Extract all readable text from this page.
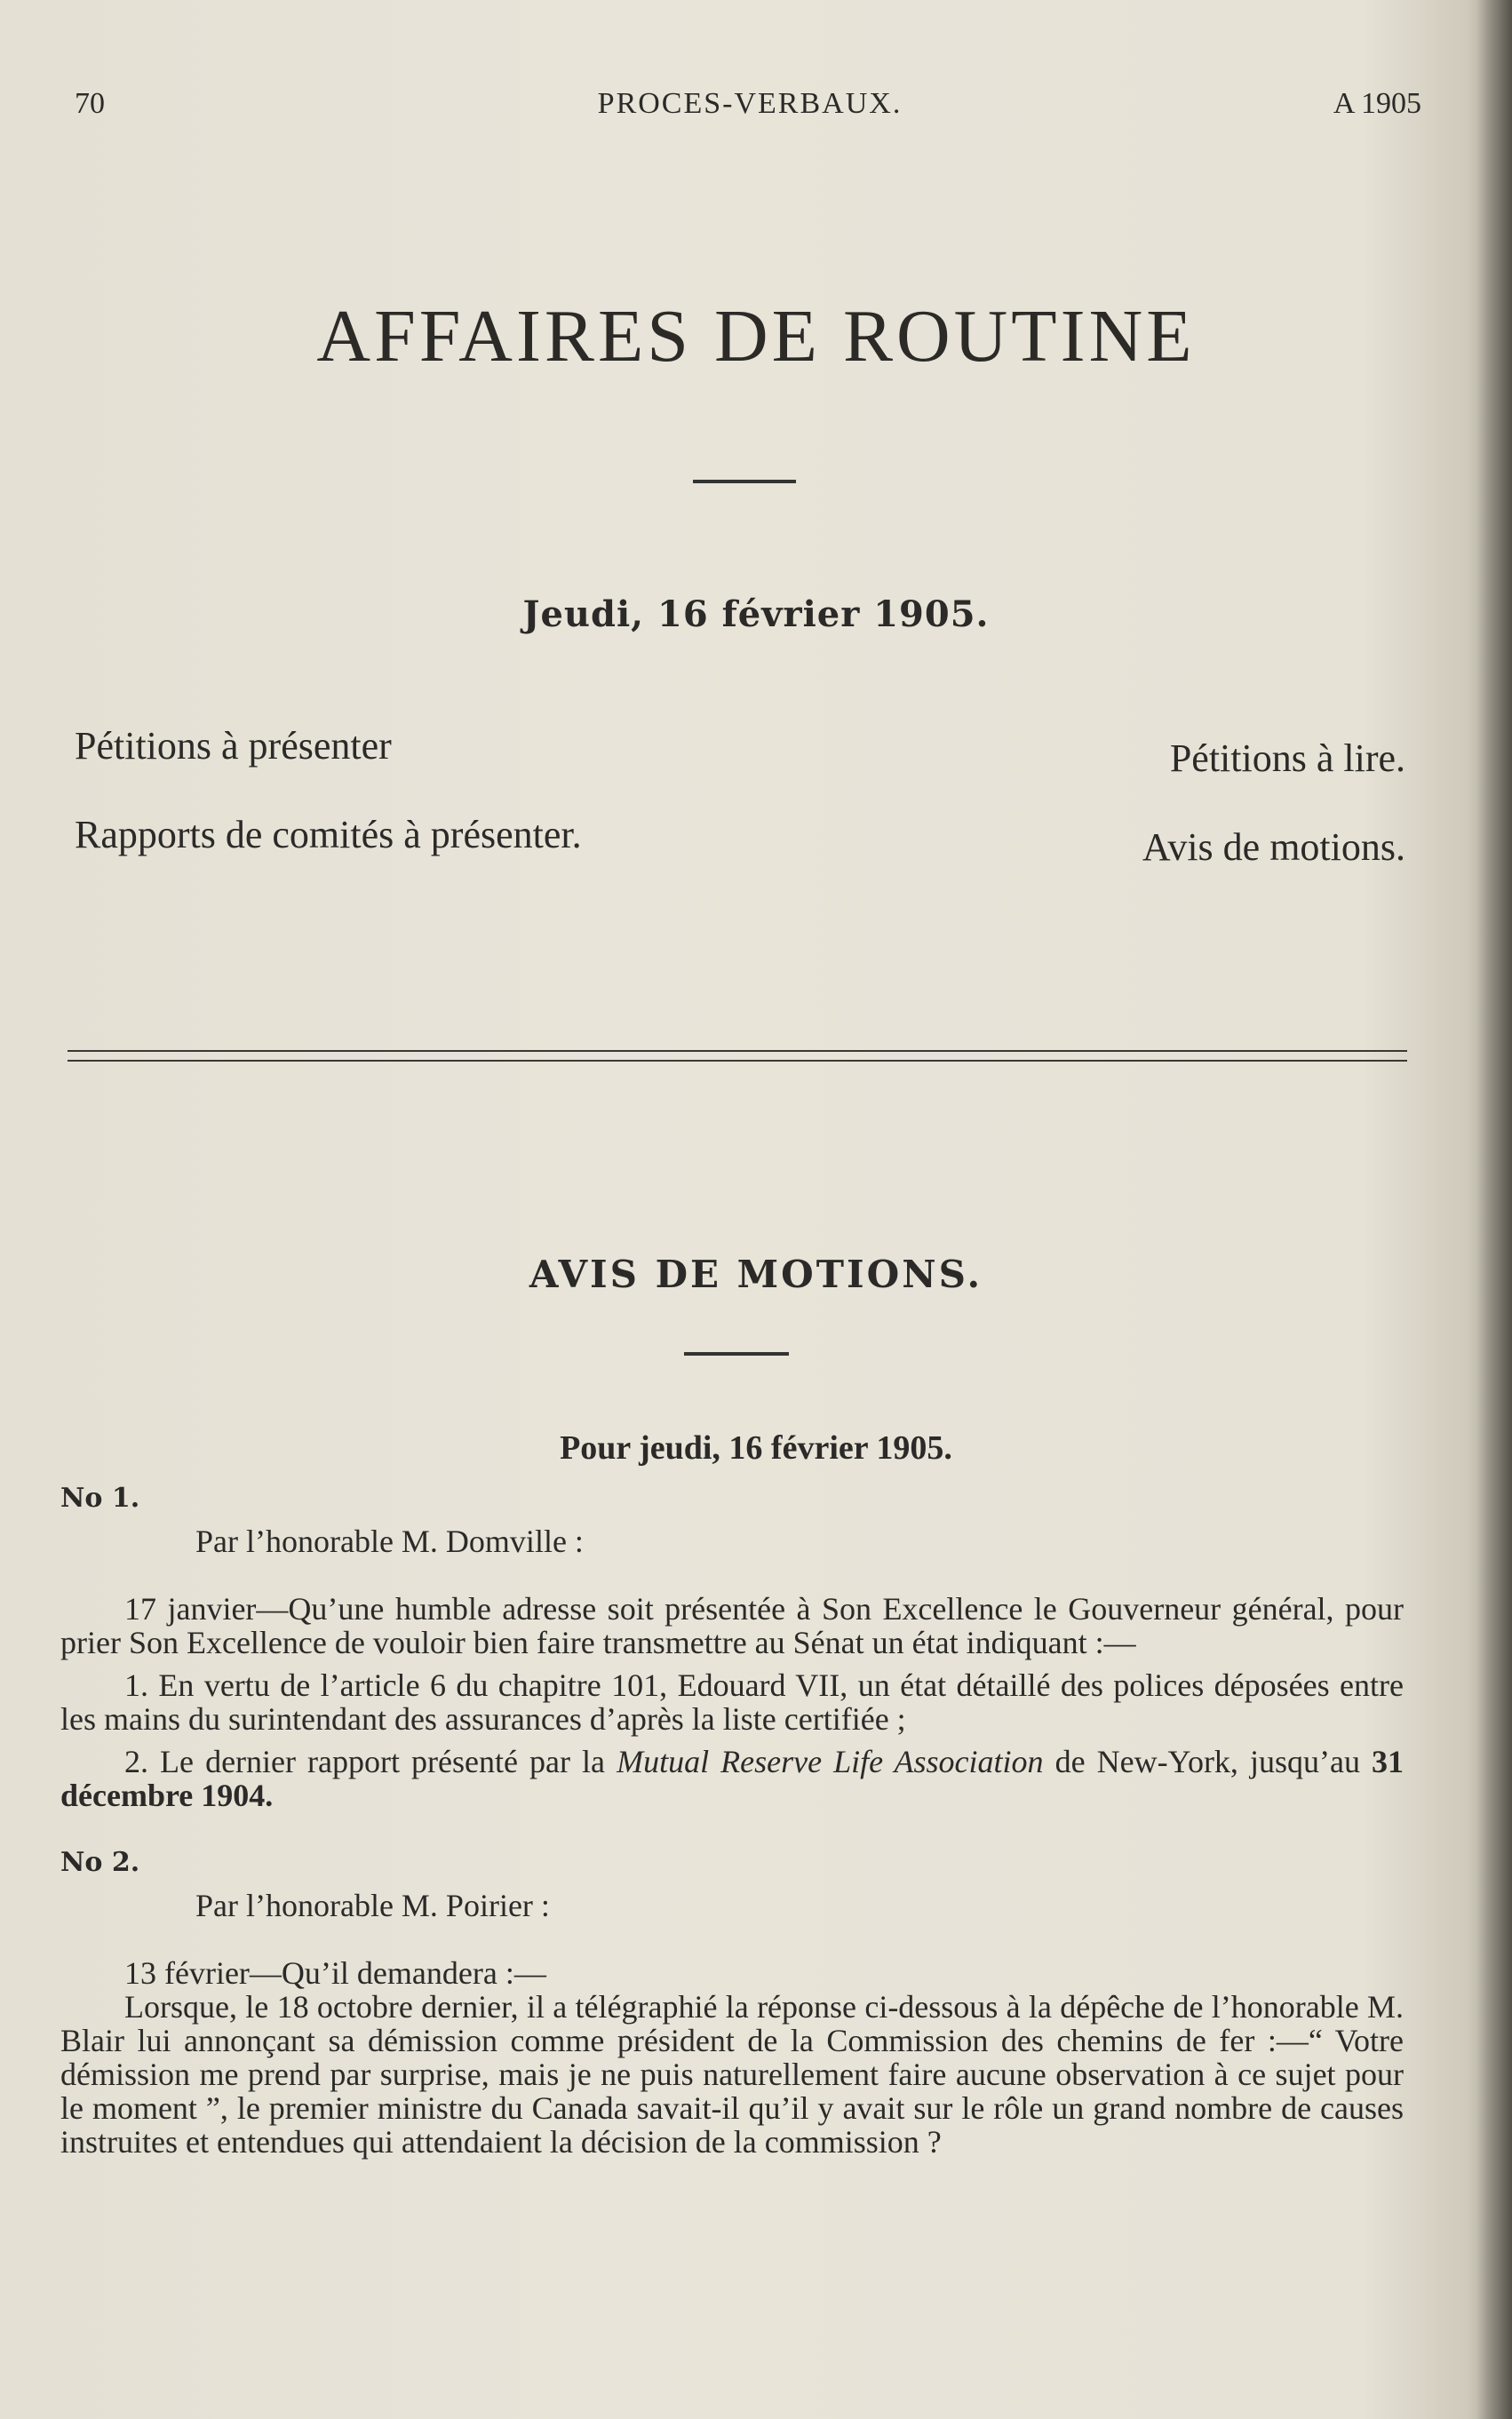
70	PROCES-VERBAUX.	A 1905
AFFAIRES DE ROUTINE
Jeudi, 16 février 1905.
Pétitions à présenter
Rapports de comités à présenter.
Pétitions à lire.
Avis de motions.
AVIS DE MOTIONS.
Pour jeudi, 16 février 1905.
No 1.
Par l’honorable M. Domville :

17 janvier—Qu’une humble adresse soit présentée à Son Excellence le Gouverneur général, pour prier Son Excellence de vouloir bien faire transmettre au Sénat un état indiquant :—

1. En vertu de l’article 6 du chapitre 101, Edouard VII, un état détaillé des polices déposées entre les mains du surintendant des assurances d’après la liste certifiée ;

2. Le dernier rapport présenté par la Mutual Reserve Life Association de New-York, jusqu’au 31 décembre 1904.

No 2.
Par l’honorable M. Poirier :

13 février—Qu’il demandera :—

Lorsque, le 18 octobre dernier, il a télégraphié la réponse ci-dessous à la dépêche de l’honorable M. Blair lui annonçant sa démission comme président de la Commission des chemins de fer :—“ Votre démission me prend par surprise, mais je ne puis naturellement faire aucune observation à ce sujet pour le moment ”, le premier ministre du Canada savait-il qu’il y avait sur le rôle un grand nombre de causes instruites et entendues qui attendaient la décision de la commission ?
